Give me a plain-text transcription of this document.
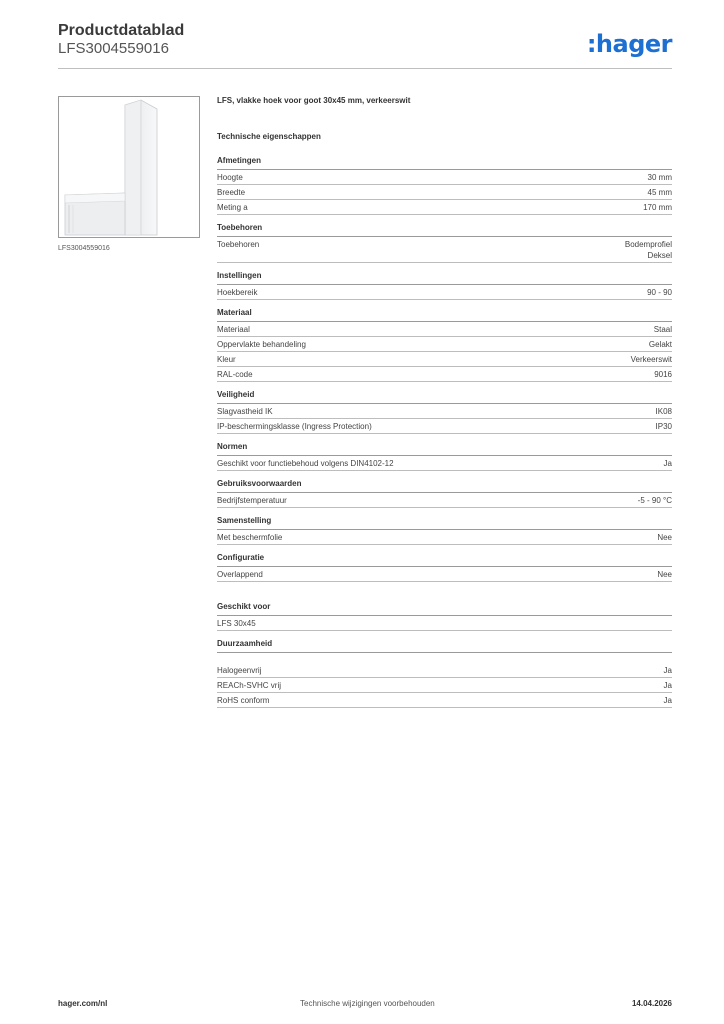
Productdatablad
LFS3004559016	:hager
LFS3004559016
LFS, vlakke hoek voor goot 30x45 mm, verkeerswit
Technische eigenschappen
Afmetingen
Hoogte	30 mm
Breedte	45 mm
Meting a	170 mm
Toebehoren
Toebehoren	Bodemprofiel
Deksel
Instellingen
Hoekbereik	90 - 90
Materiaal
Materiaal	Staal
Oppervlakte behandeling	Gelakt
Kleur	Verkeerswit
RAL-code	9016
Veiligheid
Slagvastheid IK	IK08
IP-beschermingsklasse (Ingress Protection)	IP30
Normen
Geschikt voor functiebehoud volgens DIN4102-12	Ja
Gebruiksvoorwaarden
Bedrijfstemperatuur	-5 - 90 °C
Samenstelling
Met beschermfolie	Nee
Configuratie
Overlappend	Nee
Geschikt voor
LFS 30x45
Duurzaamheid
Halogeenvrij	Ja
REACh-SVHC vrij	Ja
RoHS conform	Ja
hager.com/nl	Technische wijzigingen voorbehouden	14.04.2026
